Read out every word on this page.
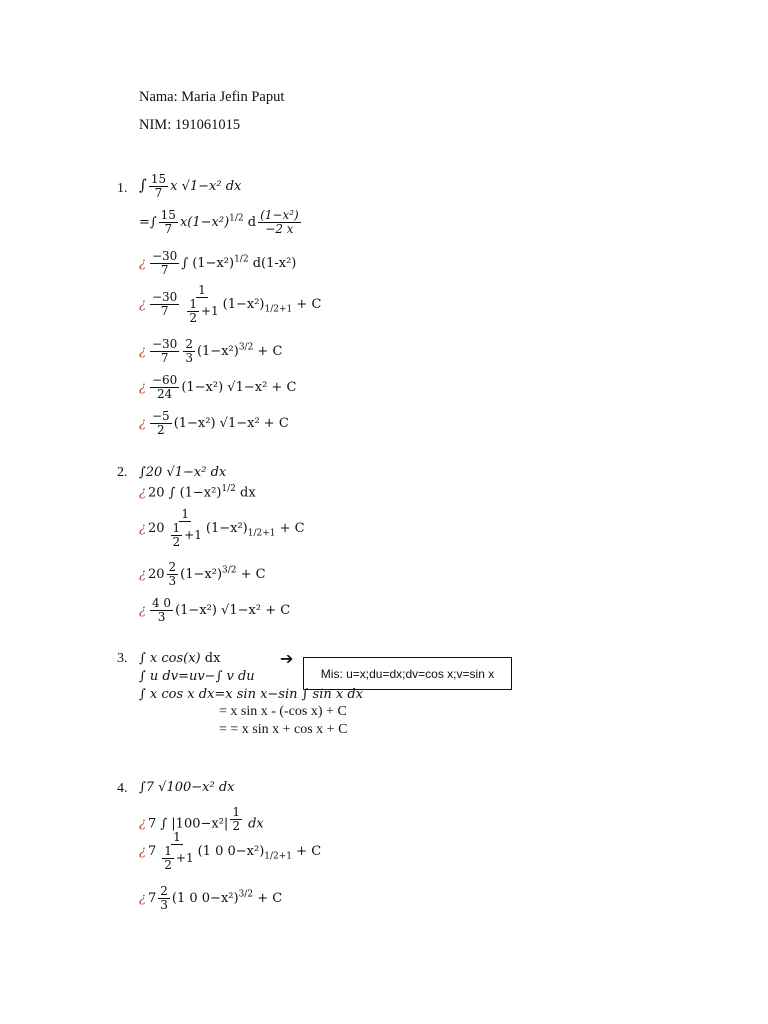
Nama: Maria Jefin Paput
NIM: 191061015
1. ∫ $\frac{15}{7}$ x √1−x² dx
=∫ $\frac{15}{7} x(1-x^2)^{1/2}$ d $\frac{\text{(1−x²)}}{-2 x}$
¿ $\frac{-30}{7}$ ∫ $(1-x^2)^{1/2}$ d(1-x²)
¿ $\frac{-30}{7} \frac{1}{\frac{1}{2} +1} (1-x^2)_{1/2+1} + C$
¿ $\frac{-30}{7} \frac{2}{3} (1-x^2)^{3/2} + C$
¿ $\frac{-60}{24} (1-x^2) √1-x^2 + C$
¿ $\frac{-5}{2} (1-x^2) √1-x^2 + C$
2. ∫20 √1−x² dx
¿ 20 ∫ $(1-x^2)^{1/2}$ dx
¿ $20 \frac{1}{\frac{1}{2} +1} (1-x^2)_{1/2+1} + C$
¿ $20 \frac{2}{3} (1-x^2)^{3/2} + C$
¿ $\frac{4 0}{3} (1-x^2) √1-x^2 + C$
3. ∫ x cos(x) dx	➔
Mis: u=x;du=dx;dv=cos x;v=sin x
∫ u dv=uv−∫ v du
∫ x cos x dx=x sin x−sin ∫ sin x dx
= x sin x - (-cos x) + C
= = x sin x + cos x + C
4. ∫7 √100−x² dx
¿ 7 ∫ |100−x²| $^{\frac{1}{2}}$ dx
¿ $7 \frac{1}{\frac{1}{2} +1} (1$ 0 $0-x^2)_{1/2+1} + C$
¿ $7 \frac{2}{3} (1$ 0 0−x²)$^{3/2}$ + C
